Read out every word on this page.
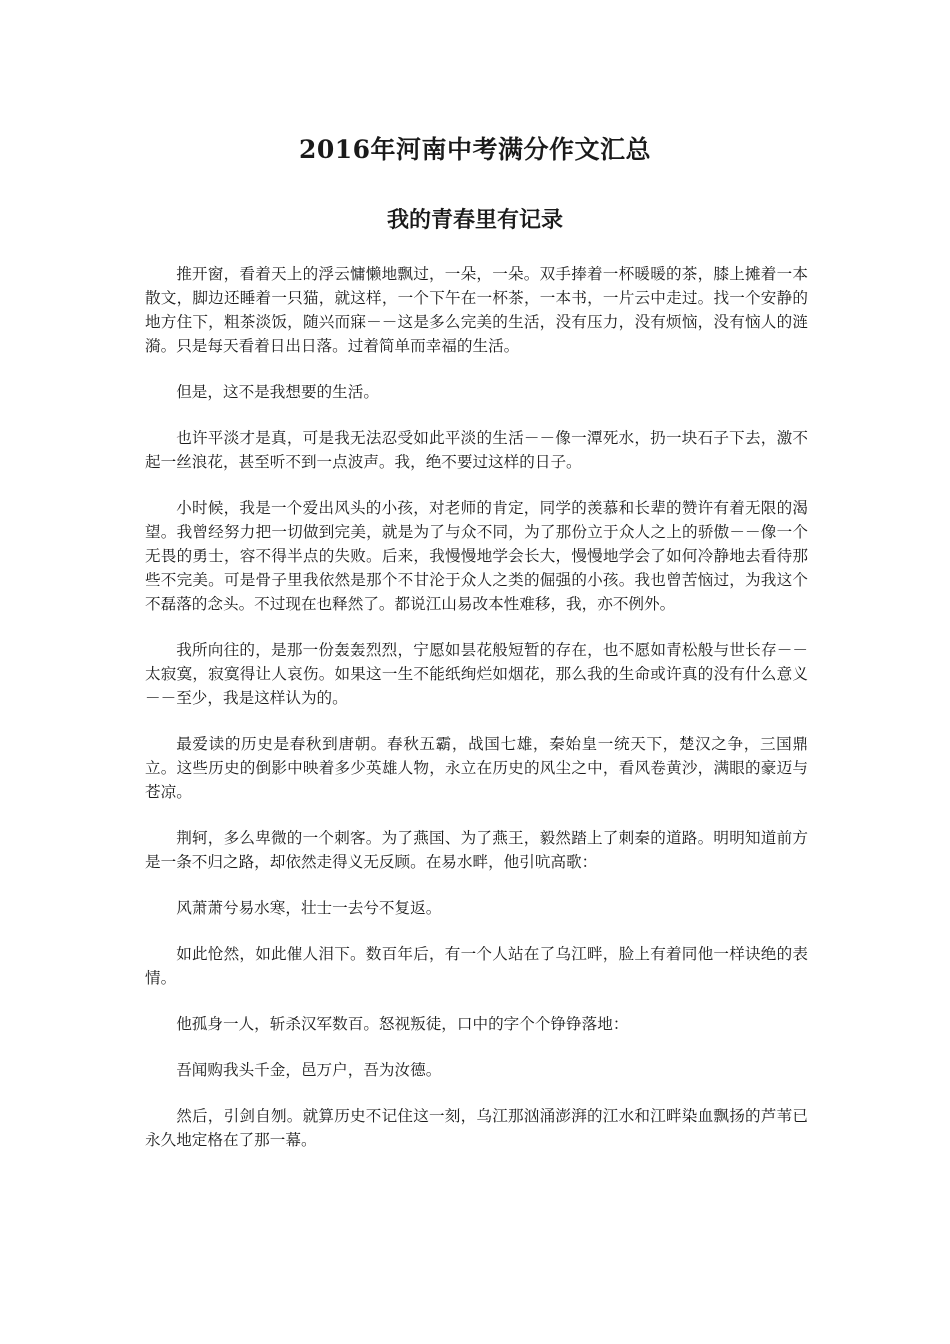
2016年河南中考满分作文汇总
我的青春里有记录

推开窗，看着天上的浮云慵懒地飘过，一朵，一朵。双手捧着一杯暖暖的茶，膝上摊着一本散文，脚边还睡着一只猫，就这样，一个下午在一杯茶，一本书，一片云中走过。找一个安静的地方住下，粗茶淡饭，随兴而寐－－这是多么完美的生活，没有压力，没有烦恼，没有恼人的涟漪。只是每天看着日出日落。过着简单而幸福的生活。

但是，这不是我想要的生活。

也许平淡才是真，可是我无法忍受如此平淡的生活－－像一潭死水，扔一块石子下去，激不起一丝浪花，甚至听不到一点波声。我，绝不要过这样的日子。

小时候，我是一个爱出风头的小孩，对老师的肯定，同学的羡慕和长辈的赞许有着无限的渴望。我曾经努力把一切做到完美，就是为了与众不同，为了那份立于众人之上的骄傲－－像一个无畏的勇士，容不得半点的失败。后来，我慢慢地学会长大，慢慢地学会了如何冷静地去看待那些不完美。可是骨子里我依然是那个不甘沦于众人之类的倔强的小孩。我也曾苦恼过，为我这个不磊落的念头。不过现在也释然了。都说江山易改本性难移，我，亦不例外。

我所向往的，是那一份轰轰烈烈，宁愿如昙花般短暂的存在，也不愿如青松般与世长存－－太寂寞，寂寞得让人哀伤。如果这一生不能纸绚烂如烟花，那么我的生命或许真的没有什么意义－－至少，我是这样认为的。

最爱读的历史是春秋到唐朝。春秋五霸，战国七雄，秦始皇一统天下，楚汉之争，三国鼎立。这些历史的倒影中映着多少英雄人物，永立在历史的风尘之中，看风卷黄沙，满眼的豪迈与苍凉。

荆轲，多么卑微的一个刺客。为了燕国、为了燕王，毅然踏上了刺秦的道路。明明知道前方是一条不归之路，却依然走得义无反顾。在易水畔，他引吭高歌：

风萧萧兮易水寒，壮士一去兮不复返。

如此怆然，如此催人泪下。数百年后，有一个人站在了乌江畔，脸上有着同他一样诀绝的表情。

他孤身一人，斩杀汉军数百。怒视叛徒，口中的字个个铮铮落地：

吾闻购我头千金，邑万户，吾为汝德。

然后，引剑自刎。就算历史不记住这一刻，乌江那汹涌澎湃的江水和江畔染血飘扬的芦苇已永久地定格在了那一幕。
